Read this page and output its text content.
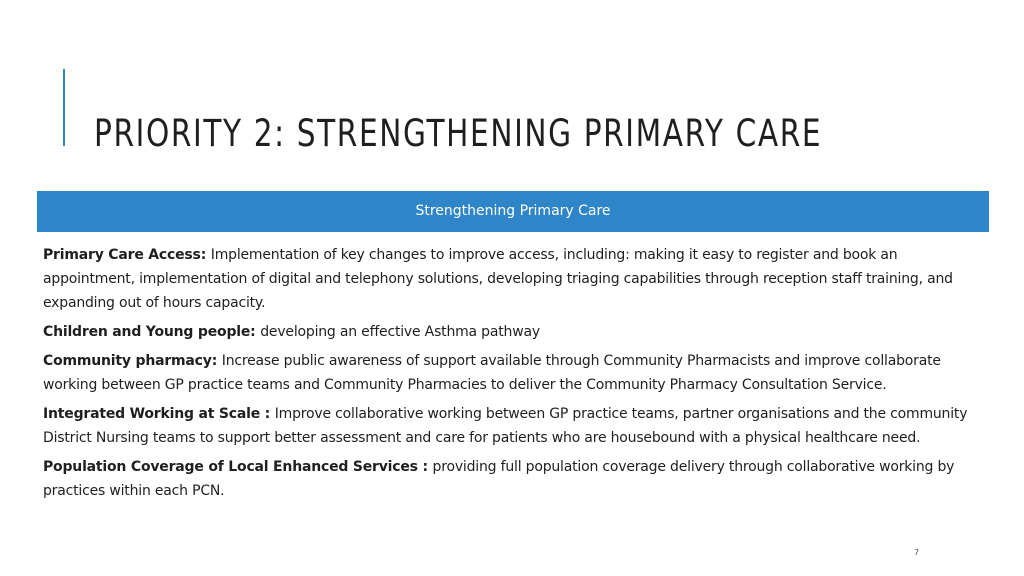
PRIORITY 2: STRENGTHENING PRIMARY CARE
Strengthening Primary Care

Primary Care Access: Implementation of key changes to improve access, including: making it easy to register and book an appointment, implementation of digital and telephony solutions, developing triaging capabilities through reception staff training, and expanding out of hours capacity.

Children and Young people: developing an effective Asthma pathway

Community pharmacy: Increase public awareness of support available through Community Pharmacists and improve collaborate working between GP practice teams and Community Pharmacies to deliver the Community Pharmacy Consultation Service.

Integrated Working at Scale : Improve collaborative working between GP practice teams, partner organisations and the community District Nursing teams to support better assessment and care for patients who are housebound with a physical healthcare need.

Population Coverage of Local Enhanced Services : providing full population coverage delivery through collaborative working by practices within each PCN.

7
